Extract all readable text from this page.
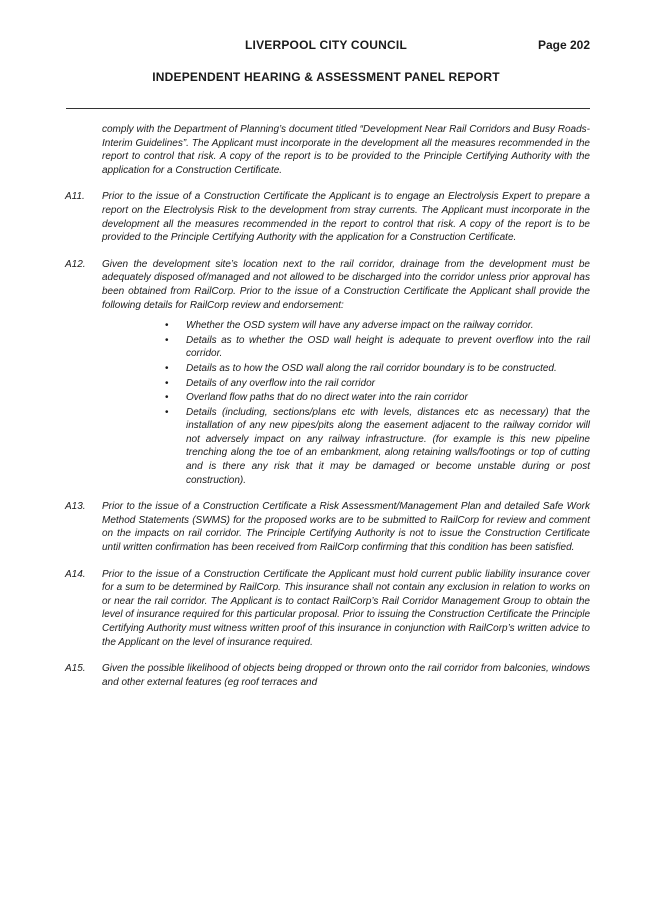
LIVERPOOL CITY COUNCIL	Page 202
INDEPENDENT HEARING & ASSESSMENT PANEL REPORT

comply with the Department of Planning’s document titled “Development Near Rail Corridors and Busy Roads- Interim Guidelines”. The Applicant must incorporate in the development all the measures recommended in the report to control that risk. A copy of the report is to be provided to the Principle Certifying Authority with the application for a Construction Certificate.

A11.	Prior to the issue of a Construction Certificate the Applicant is to engage an Electrolysis Expert to prepare a report on the Electrolysis Risk to the development from stray currents. The Applicant must incorporate in the development all the measures recommended in the report to control that risk. A copy of the report is to be provided to the Principle Certifying Authority with the application for a Construction Certificate.

A12.	Given the development site’s location next to the rail corridor, drainage from the development must be adequately disposed of/managed and not allowed to be discharged into the corridor unless prior approval has been obtained from RailCorp. Prior to the issue of a Construction Certificate the Applicant shall provide the following details for RailCorp review and endorsement:

• Whether the OSD system will have any adverse impact on the railway corridor.
• Details as to whether the OSD wall height is adequate to prevent overflow into the rail corridor.
• Details as to how the OSD wall along the rail corridor boundary is to be constructed.
• Details of any overflow into the rail corridor
• Overland flow paths that do no direct water into the rain corridor
• Details (including, sections/plans etc with levels, distances etc as necessary) that the installation of any new pipes/pits along the easement adjacent to the railway corridor will not adversely impact on any railway infrastructure. (for example is this new pipeline trenching along the toe of an embankment, along retaining walls/footings or top of cutting and is there any risk that it may be damaged or become unstable during or post construction).
A13.	Prior to the issue of a Construction Certificate a Risk Assessment/Management Plan and detailed Safe Work Method Statements (SWMS) for the proposed works are to be submitted to RailCorp for review and comment on the impacts on rail corridor. The Principle Certifying Authority is not to issue the Construction Certificate until written confirmation has been received from RailCorp confirming that this condition has been satisfied.

A14.	Prior to the issue of a Construction Certificate the Applicant must hold current public liability insurance cover for a sum to be determined by RailCorp. This insurance shall not contain any exclusion in relation to works on or near the rail corridor. The Applicant is to contact RailCorp’s Rail Corridor Management Group to obtain the level of insurance required for this particular proposal. Prior to issuing the Construction Certificate the Principle Certifying Authority must witness written proof of this insurance in conjunction with RailCorp’s written advice to the Applicant on the level of insurance required.

A15.	Given the possible likelihood of objects being dropped or thrown onto the rail corridor from balconies, windows and other external features (eg roof terraces and
